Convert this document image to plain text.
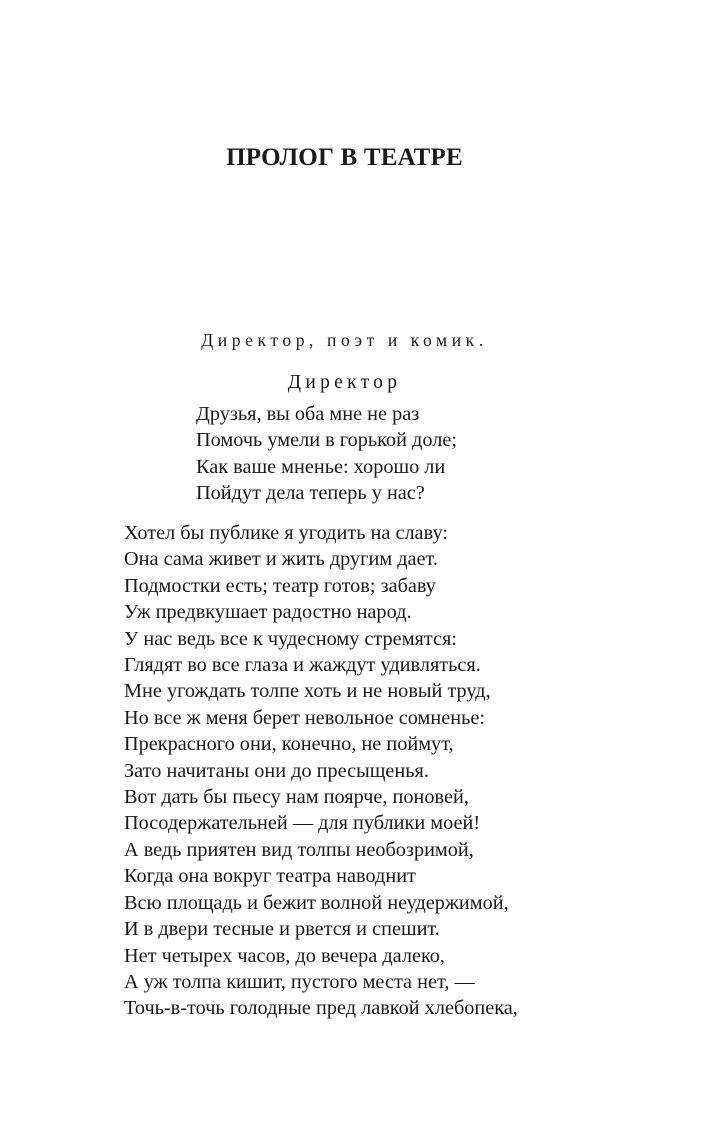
ПРОЛОГ В ТЕАТРЕ

Директор, поэт и комик.

Директор

Друзья, вы оба мне не раз
Помочь умели в горькой доле;
Как ваше мненье: хорошо ли
Пойдут дела теперь у нас?
Хотел бы публике я угодить на славу:
Она сама живет и жить другим дает.
Подмостки есть; театр готов; забаву
Уж предвкушает радостно народ.
У нас ведь все к чудесному стремятся:
Глядят во все глаза и жаждут удивляться.
Мне угождать толпе хоть и не новый труд,
Но все ж меня берет невольное сомненье:
Прекрасного они, конечно, не поймут,
Зато начитаны они до пресыщенья.
Вот дать бы пьесу нам поярче, поновей,
Посодержательней — для публики моей!
А ведь приятен вид толпы необозримой,
Когда она вокруг театра наводнит
Всю площадь и бежит волной неудержимой,
И в двери тесные и рвется и спешит.
Нет четырех часов, до вечера далеко,
А уж толпа кишит, пустого места нет, —
Точь-в-точь голодные пред лавкой хлебопека,
